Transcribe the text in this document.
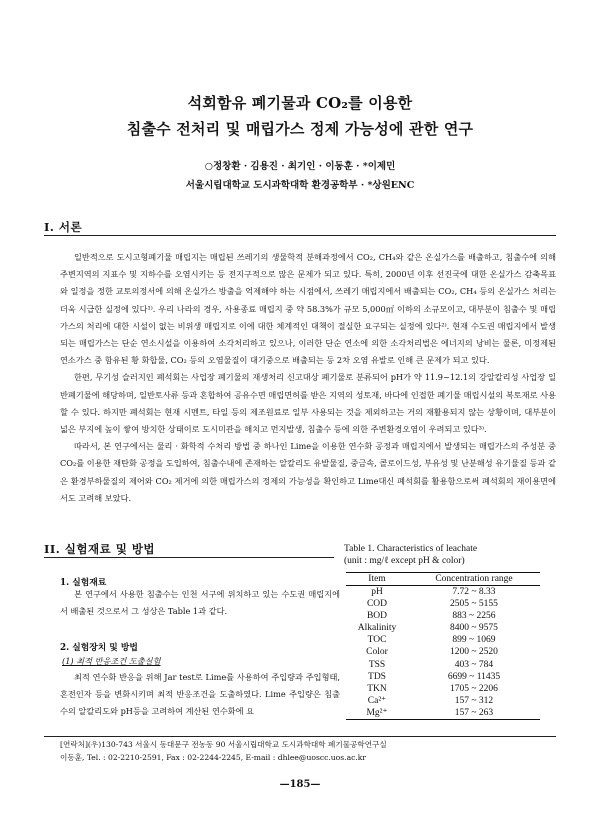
석회함유 폐기물과 CO₂를 이용한
침출수 전처리 및 매립가스 정제 가능성에 관한 연구
○정창환 · 김용진 · 최기인 · 이동훈 · *이제민
서울시립대학교 도시과학대학 환경공학부 · *상원ENC
I. 서론

일반적으로 도시고형폐기물 매립지는 매립된 쓰레기의 생물학적 분해과정에서 CO₂, CH₄와 같은 온실가스를 배출하고, 침출수에 의해 주변지역의 지표수 및 지하수를 오염시키는 등 전지구적으로 많은 문제가 되고 있다. 특히, 2000년 이후 선진국에 대한 온실가스 감축목표와 일정을 정한 교토의정서에 의해 온실가스 방출을 억제해야 하는 시점에서, 쓰레기 매립지에서 배출되는 CO₂, CH₄ 등의 온실가스 처리는 더욱 시급한 실정에 있다¹⁾. 우리 나라의 경우, 사용종료 매립지 중 약 58.3%가 규모 5,000㎡ 이하의 소규모이고, 대부분이 침출수 및 매립가스의 처리에 대한 시설이 없는 비위생 매립지로 이에 대한 체계적인 대책이 절실한 요구되는 실정에 있다²⁾. 현재 수도권 매립지에서 발생되는 매립가스는 단순 연소시설을 이용하여 소각처리하고 있으나, 이러한 단순 연소에 의한 소각처리법은 에너지의 낭비는 물론, 미정제된 연소가스 중 함유된 황 화합물, CO₂ 등의 오염물질이 대기중으로 배출되는 등 2차 오염 유발로 인해 큰 문제가 되고 있다.

한편, 무기성 슬러지인 폐석회는 사업장 폐기물의 재생처리 신고대상 폐기물로 분류되어 pH가 약 11.9~12.1의 강알칼리성 사업장 일반폐기물에 해당하며, 일반토사류 등과 혼합하여 공유수면 매립면허를 받은 지역의 성토재, 바다에 인접한 폐기물 매립시설의 복토재로 사용할 수 있다. 하지만 폐석회는 현재 시멘트, 타일 등의 제조원료로 일부 사용되는 것을 제외하고는 거의 재활용되지 않는 상황이며, 대부분이 넓은 부지에 높이 쌓여 방치한 상태이로 도시미관을 해치고 먼지발생, 침출수 등에 의한 주변환경오염이 우려되고 있다³⁾.

따라서, 본 연구에서는 물리 · 화학적 수처리 방법 중 하나인 Lime을 이용한 연수화 공정과 매립지에서 발생되는 매립가스의 주성분 중 CO₂를 이용한 재탄화 공정을 도입하여, 침출수내에 존재하는 알칼리도 유발물질, 중금속, 콜로이드성, 부유성 및 난분해성 유기물질 등과 같은 환경부하물질의 제어와 CO₂ 제거에 의한 매립가스의 정제의 가능성을 확인하고 Lime대신 폐석회를 활용함으로써 폐석회의 재이용면에서도 고려해 보았다.

II. 실험재료 및 방법
1. 실험재료

본 연구에서 사용한 침출수는 인천 서구에 위치하고 있는 수도권 매립지에서 배출된 것으로서 그 성상은 Table 1과 같다.

2. 실험장치 및 방법
(1) 최적 반응조건 도출실험

최적 연수화 반응을 위해 Jar test로 Lime를 사용하여 주입량과 주입형태, 혼전인자 등을 변화시키며 최적 반응조건을 도출하였다. Lime 주입량은 침출수의 알칼리도와 pH등을 고려하여 계산된 연수화에 요

Table 1. Characteristics of leachate
(unit : mg/ℓ except pH & color)
Item	Concentration range
pH	7.72 ~ 8.33
COD	2505 ~ 5155
BOD	883 ~ 2256
Alkalinity	8400 ~ 9575
TOC	899 ~ 1069
Color	1200 ~ 2520
TSS	403 ~ 784
TDS	6699 ~ 11435
TKN	1705 ~ 2206
Ca²⁺	157 ~ 312
Mg²⁺	157 ~ 263
[연락처](우)130-743 서울시 동대문구 전농동 90 서울시립대학교 도시과학대학 폐기물공학연구실
이동훈, Tel. : 02-2210-2591, Fax : 02-2244-2245, E-mail : dhlee@uoscc.uos.ac.kr
—185—
